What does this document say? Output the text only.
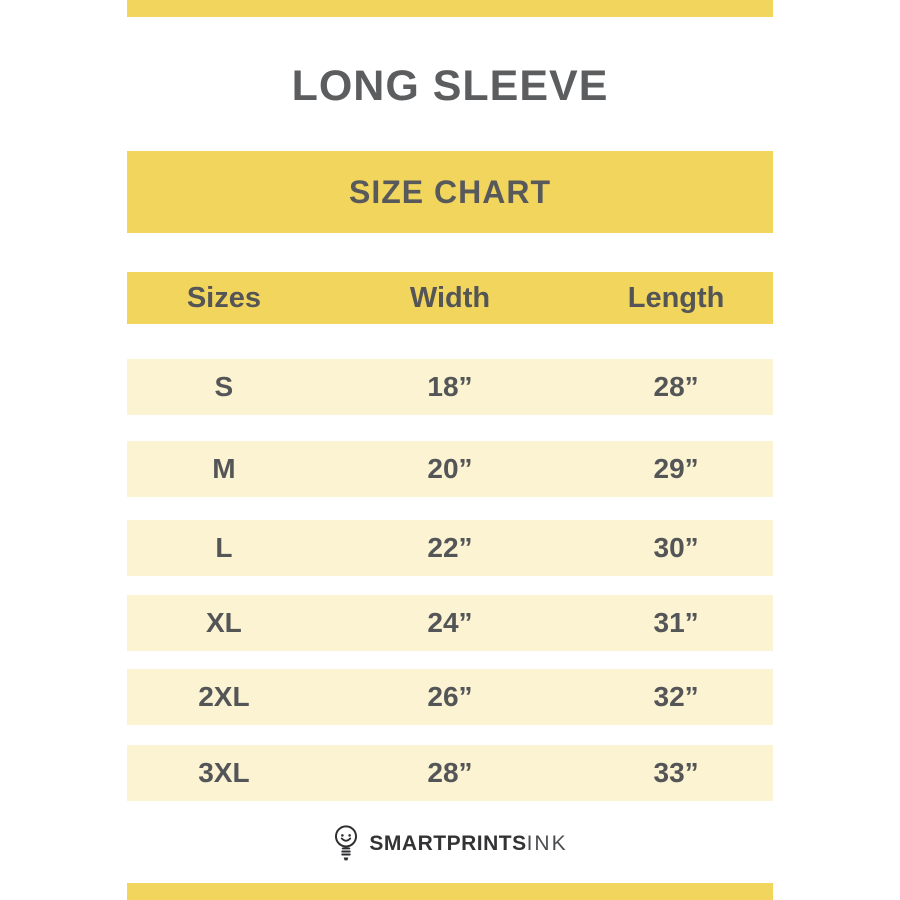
LONG SLEEVE
SIZE CHART
Sizes	Width	Length
S	18”	28”
M	20”	29”
L	22”	30”
XL	24”	31”
2XL	26”	32”
3XL	28”	33”
SMARTPRINTS INK
